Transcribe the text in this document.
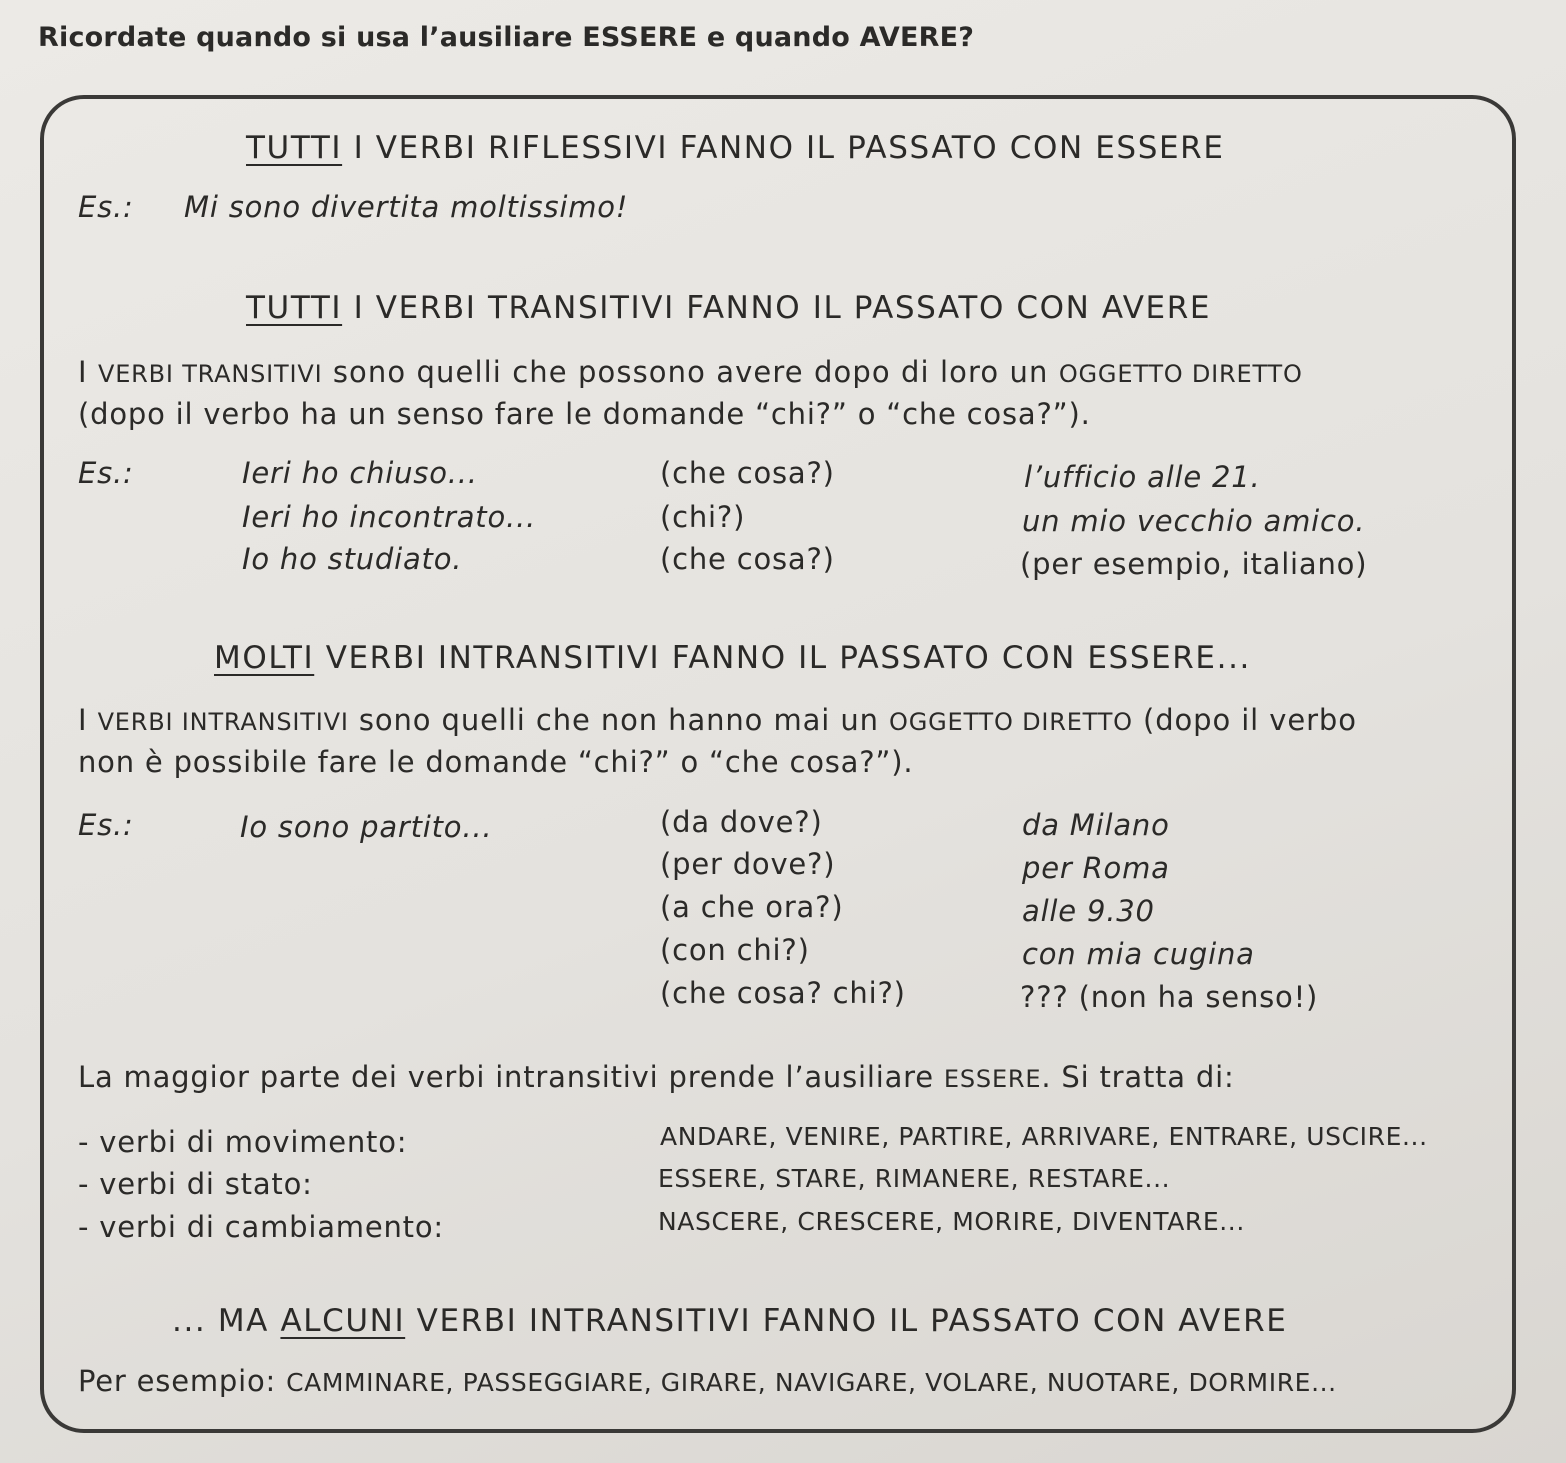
Ricordate quando si usa l’ausiliare ESSERE e quando AVERE?
TUTTI I VERBI RIFLESSIVI FANNO IL PASSATO CON ESSERE
Es.: Mi sono divertita moltissimo!
TUTTI I VERBI TRANSITIVI FANNO IL PASSATO CON AVERE
I VERBI TRANSITIVI sono quelli che possono avere dopo di loro un OGGETTO DIRETTO
(dopo il verbo ha un senso fare le domande “chi?” o “che cosa?”).
Es.:	Ieri ho chiuso...	(che cosa?)	l’ufficio alle 21.
Ieri ho incontrato...	(chi?)	un mio vecchio amico.
Io ho studiato.	(che cosa?)	(per esempio, italiano)
MOLTI VERBI INTRANSITIVI FANNO IL PASSATO CON ESSERE...
I VERBI INTRANSITIVI sono quelli che non hanno mai un OGGETTO DIRETTO (dopo il verbo
non è possibile fare le domande “chi?” o “che cosa?”).
Es.:	Io sono partito...	(da dove?)	da Milano
(per dove?)	per Roma
(a che ora?)	alle 9.30
(con chi?)	con mia cugina
(che cosa? chi?)	??? (non ha senso!)
La maggior parte dei verbi intransitivi prende l’ausiliare ESSERE. Si tratta di:
- verbi di movimento:	ANDARE, VENIRE, PARTIRE, ARRIVARE, ENTRARE, USCIRE...
- verbi di stato:	ESSERE, STARE, RIMANERE, RESTARE...
- verbi di cambiamento:	NASCERE, CRESCERE, MORIRE, DIVENTARE...
... MA ALCUNI VERBI INTRANSITIVI FANNO IL PASSATO CON AVERE
Per esempio: CAMMINARE, PASSEGGIARE, GIRARE, NAVIGARE, VOLARE, NUOTARE, DORMIRE...
